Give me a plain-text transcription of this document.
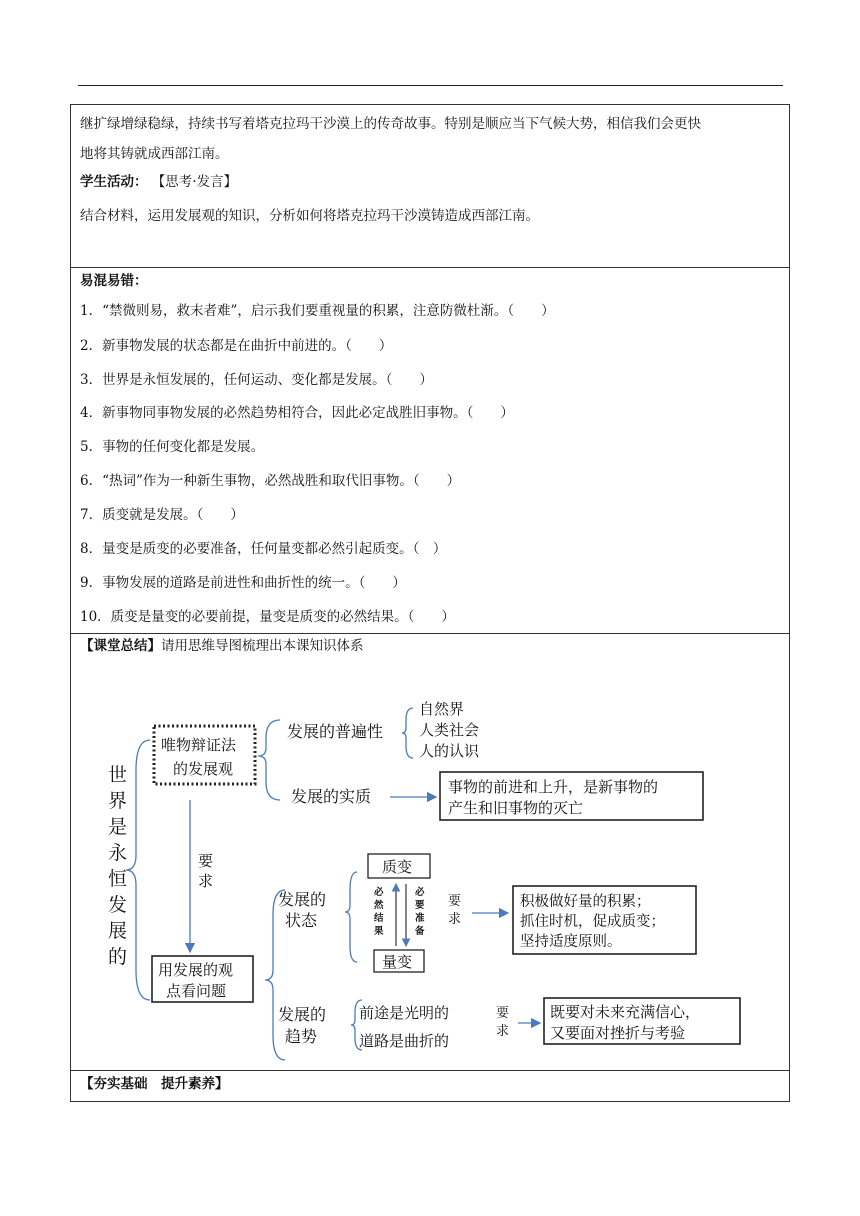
继扩绿增绿稳绿，持续书写着塔克拉玛干沙漠上的传奇故事。特别是顺应当下气候大势，相信我们会更快
地将其铸就成西部江南。
学生活动： 【思考·发言】
结合材料，运用发展观的知识，分析如何将塔克拉玛干沙漠铸造成西部江南。
易混易错：
1．“禁微则易，救末者难”，启示我们要重视量的积累，注意防微杜渐。（　　）
2．新事物发展的状态都是在曲折中前进的。（　　）
3．世界是永恒发展的，任何运动、变化都是发展。（　　）
4．新事物同事物发展的必然趋势相符合，因此必定战胜旧事物。（　　）
5．事物的任何变化都是发展。
6．“热词”作为一种新生事物，必然战胜和取代旧事物。（　　）
7．质变就是发展。（　　）
8．量变是质变的必要准备，任何量变都必然引起质变。（　）
9．事物发展的道路是前进性和曲折性的统一。（　　）
10．质变是量变的必要前提，量变是质变的必然结果。（　　）
【课堂总结】请用思维导图梳理出本课知识体系
世
界
是
永
恒
发
展
的
唯物辩证法
的发展观
发展的普遍性
自然界
人类社会
人的认识
发展的实质	事物的前进和上升，是新事物的
产生和旧事物的灭亡
要
求
用发展的观
点看问题
发展的
状态
质变
量变
必
然
结
果
必
要
准
备
要
求
积极做好量的积累；
抓住时机，促成质变；
坚持适度原则。
发展的
趋势
前途是光明的
道路是曲折的
要
求
既要对未来充满信心，
又要面对挫折与考验
【夯实基础　提升素养】
